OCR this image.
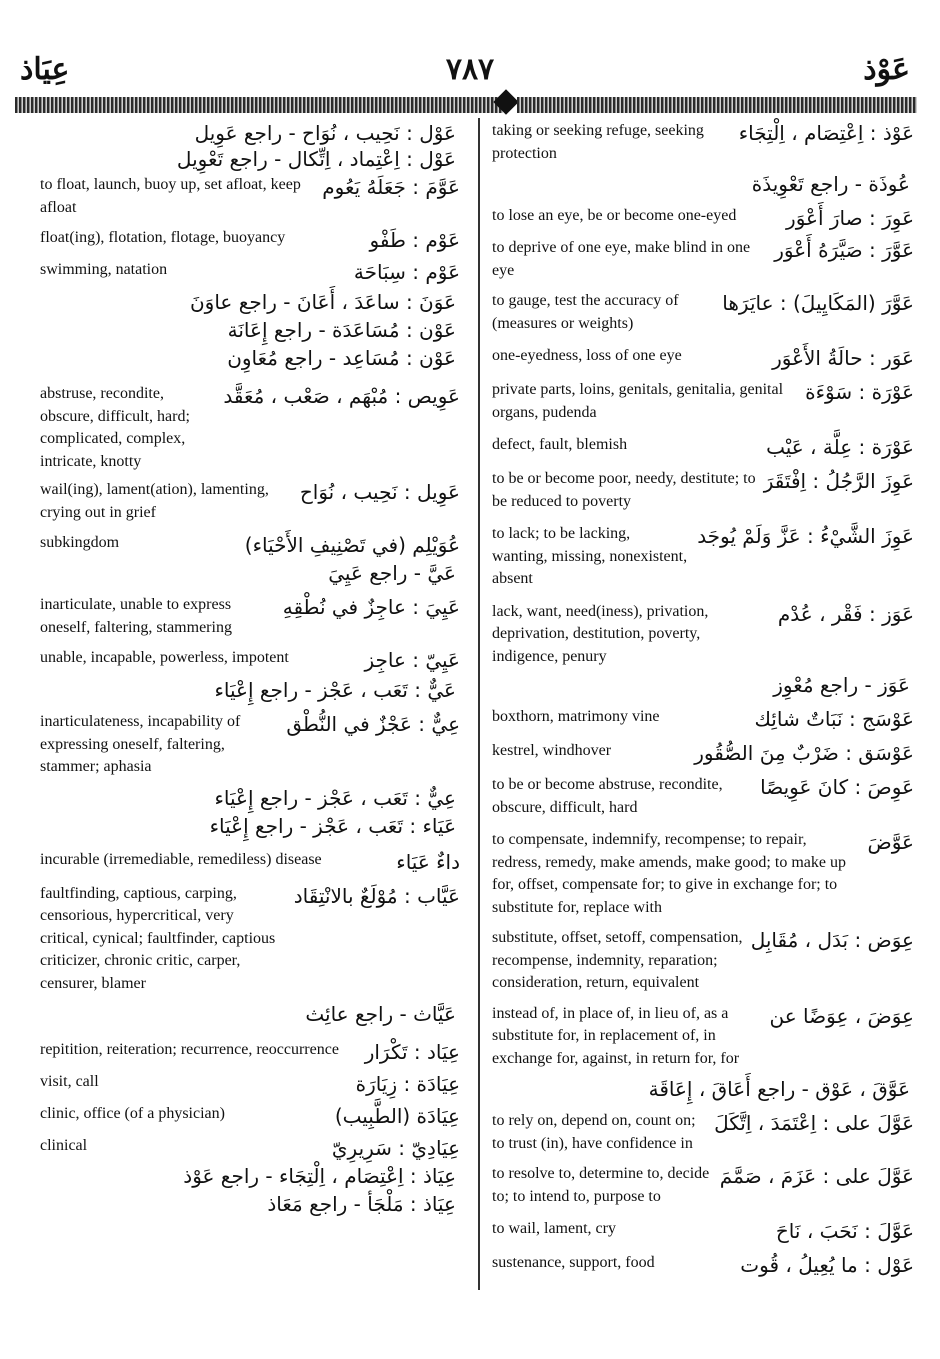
عِيَاذ	٧٨٧	عَوْذ
عَوْل : نَحِيب ، نُوَاح - راجع عَوِيل
عَوْل : اِعْتِماد ، اِتِّكال - راجع تَعْوِيل
عَوَّمَ : جَعَلَهُ يَعُوم
to float, launch, buoy up, set afloat, keep afloat
عَوْم : طَفْو
float(ing), flotation, flotage, buoyancy
عَوْم : سِبَاحَة
swimming, natation
عَوَنَ : ساعَدَ ، أَعَانَ - راجع عاوَنَ
عَوْن : مُسَاعَدَة - راجع إِعَانَة
عَوْن : مُسَاعِد - راجع مُعَاوِن
عَوِيص : مُبْهَم ، صَعْب ، مُعَقَّد
abstruse, recondite, obscure, difficult, hard; complicated, complex, intricate, knotty
عَوِيل : نَحِيب ، نُوَاح
wail(ing), lament(ation), lamenting, crying out in grief
عُوَيْلِم (في تَصْنِيفِ الأَحْيَاء)
subkingdom
عَيَّ - راجع عَيِيَ
عَيِيَ : عاجِزٌ في نُطْقِهِ
inarticulate, unable to express oneself, faltering, stammering
عَيِيّ : عاجِز
unable, incapable, powerless, impotent
عَيٌّ : تَعَب ، عَجْز - راجع إِعْيَاء
عِيٌّ : عَجْزٌ في النُّطْق
inarticulateness, incapability of expressing oneself, faltering, stammer; aphasia
عِيٌّ : تَعَب ، عَجْز - راجع إِعْيَاء
عَيَاء : تَعَب ، عَجْز - راجع إِعْيَاء
داءٌ عَيَاء
incurable (irremediable, remediless) disease
عَيَّاب : مُوْلَعٌ بالانْتِقَاد
faultfinding, captious, carping, censorious, hypercritical, very critical, cynical; faultfinder, captious criticizer, chronic critic, carper, censurer, blamer
عَيَّاث - راجع عائِث
عِيَاد : تَكْرَار
repitition, reiteration; recurrence, reoccurrence
عِيَادَة : زِيَارَة
visit, call
عِيَادَة (الطَّبِيب)
clinic, office (of a physician)
عِيَادِيّ : سَرِيرِيّ
clinical
عِيَاذ : اِعْتِصَام ، اِلْتِجَاء - راجع عَوْذ
عِيَاذ : مَلْجَأ - راجع مَعَاذ
عَوْذ : اِعْتِصَام ، اِلْتِجَاء
taking or seeking refuge, seeking protection
عُوذَة - راجع تَعْوِيذَة
عَوِرَ : صارَ أَعْوَر
to lose an eye, be or become one-eyed
عَوَّرَ : صَيَّرَهُ أَعْوَر
to deprive of one eye, make blind in one eye
عَوَّرَ (المَكَايِيلَ) : عايَرَها
to gauge, test the accuracy of (measures or weights)
عَوَر : حالَةُ الأَعْوَر
one-eyedness, loss of one eye
عَوْرَة : سَوْءَة
private parts, loins, genitals, genitalia, genital organs, pudenda
عَوْرَة : عِلَّة ، عَيْب
defect, fault, blemish
عَوِزَ الرَّجُلُ : اِفْتَقَرَ
to be or become poor, needy, destitute; to be reduced to poverty
عَوِزَ الشَّيْءُ : عَزَّ وَلَمْ يُوجَد
to lack; to be lacking, wanting, missing, nonexistent, absent
عَوَز : فَقْر ، عُدْم
lack, want, need(iness), privation, deprivation, destitution, poverty, indigence, penury
عَوَز - راجع مُعْوِز
عَوْسَج : نَبَاتٌ شائِك
boxthorn, matrimony vine
عَوْسَق : ضَرْبٌ مِنَ الصُّقُور
kestrel, windhover
عَوِصَ : كانَ عَوِيصًا
to be or become abstruse, recondite, obscure, difficult, hard
عَوَّضَ
to compensate, indemnify, recompense; to repair, redress, remedy, make amends, make good; to make up for, offset, compensate for; to give in exchange for; to substitute for, replace with
عِوَض : بَدَل ، مُقَابِل
substitute, offset, setoff, compensation, recompense, indemnity, reparation; consideration, return, equivalent
عِوَضَ ، عِوَضًا عن
instead of, in place of, in lieu of, as a substitute for, in replacement of, in exchange for, against, in return for, for
عَوَّقَ ، عَوْق - راجع أَعَاقَ ، إِعَاقَة
عَوَّلَ على : اِعْتَمَدَ ، اِتَّكَلَ
to rely on, depend on, count on; to trust (in), have confidence in
عَوَّلَ على : عَزَمَ ، صَمَّمَ
to resolve to, determine to, decide to; to intend to, purpose to
عَوَّلَ : نَحَبَ ، نَاحَ
to wail, lament, cry
عَوْل : ما يُعِيلُ ، قُوت
sustenance, support, food
